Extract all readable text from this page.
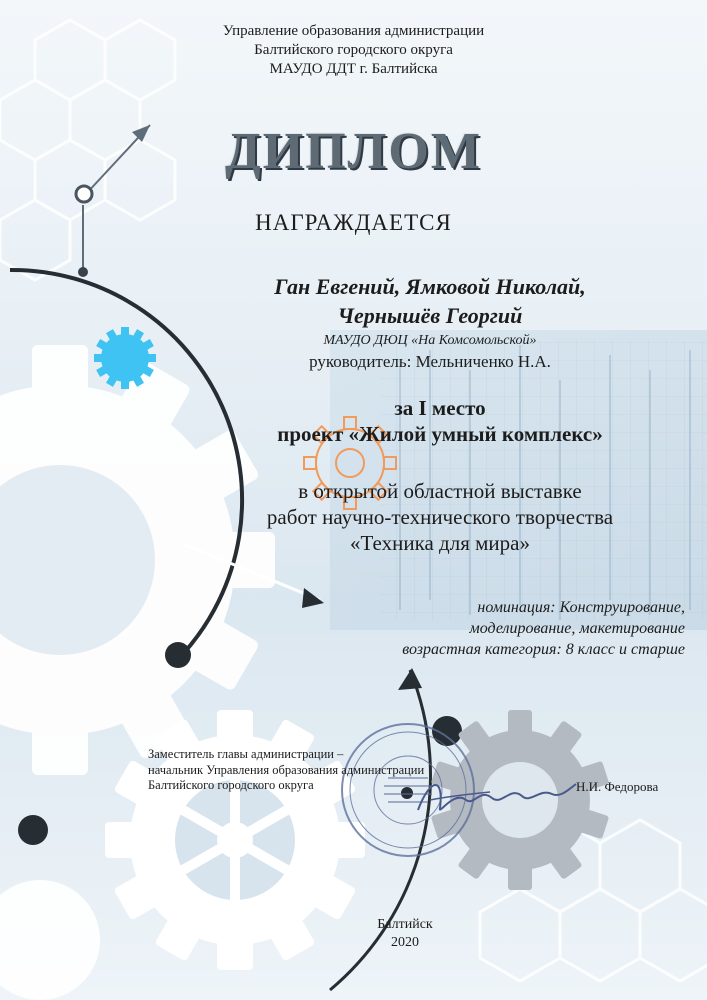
Управление образования администрации
Балтийского городского округа
МАУДО ДДТ г. Балтийска
ДИПЛОМ
НАГРАЖДАЕТСЯ
Ган Евгений, Ямковой Николай,
Чернышёв Георгий
МАУДО ДЮЦ «На Комсомольской»
руководитель: Мельниченко Н.А.
за I место
проект «Жилой умный комплекс»
в открытой областной выставке
работ научно-технического творчества
«Техника для мира»
номинация: Конструирование,
моделирование, макетирование
возрастная категория: 8 класс и старше
Заместитель главы администрации –
начальник Управления образования администрации
Балтийского городского округа	Н.И. Федорова
Балтийск
2020
